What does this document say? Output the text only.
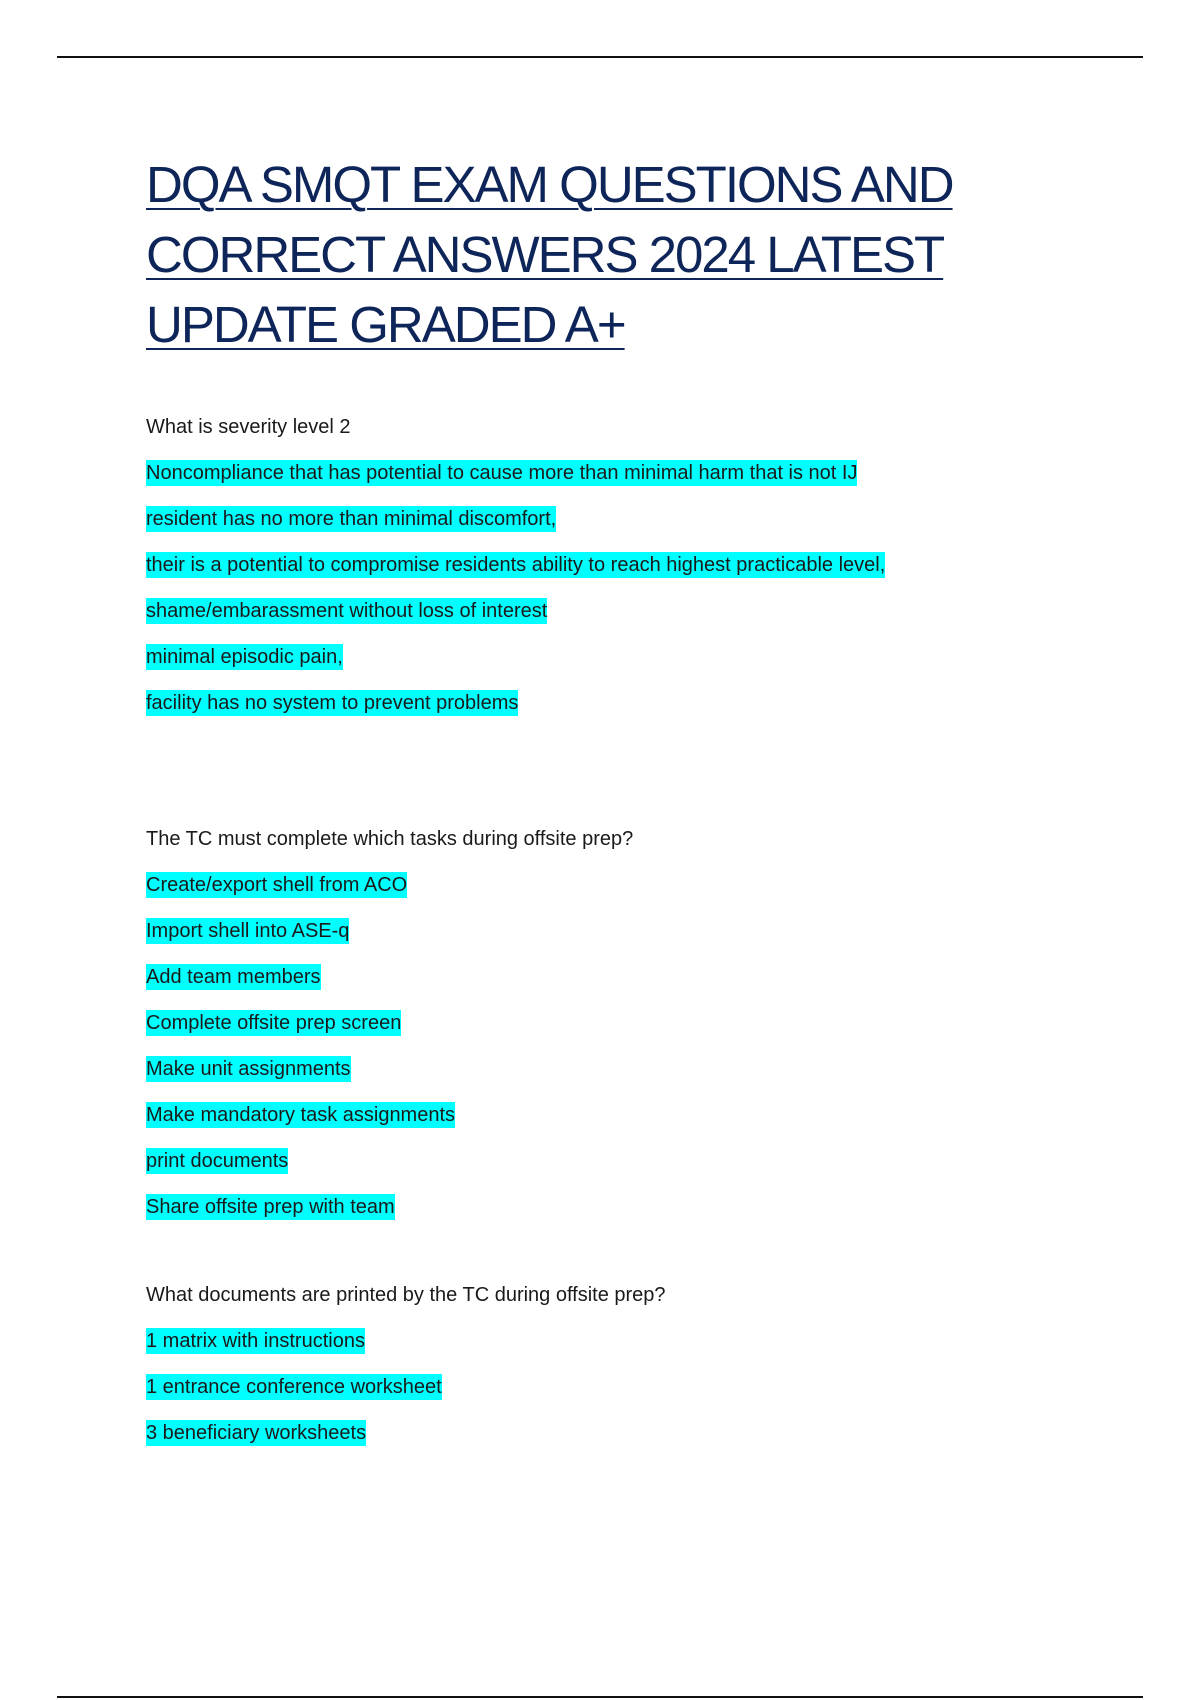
DQA SMQT EXAM QUESTIONS AND CORRECT ANSWERS 2024 LATEST UPDATE GRADED A+

What is severity level 2

Noncompliance that has potential to cause more than minimal harm that is not IJ
resident has no more than minimal discomfort,
their is a potential to compromise residents ability to reach highest practicable level,
shame/embarassment without loss of interest
minimal episodic pain,
facility has no system to prevent problems

The TC must complete which tasks during offsite prep?

Create/export shell from ACO
Import shell into ASE-q
Add team members
Complete offsite prep screen
Make unit assignments
Make mandatory task assignments
print documents
Share offsite prep with team

What documents are printed by the TC during offsite prep?

1 matrix with instructions
1 entrance conference worksheet
3 beneficiary worksheets
